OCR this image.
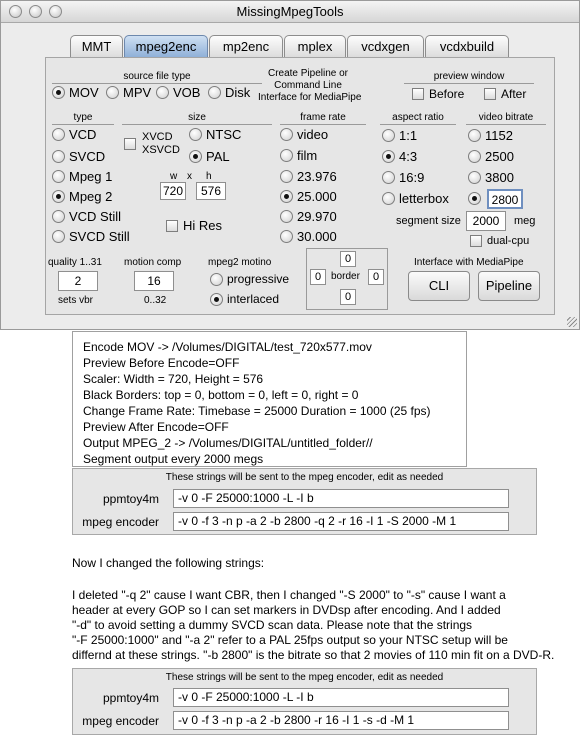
MissingMpegTools
MMT	mpeg2enc	mp2enc	mplex	vcdxgen	vcdxbuild
source file type
MOV MPV VOB Disk
Create Pipeline or
Command Line
Interface for MediaPipe
preview window
Before	After
type
VCD
SVCD
Mpeg 1
Mpeg 2
VCD Still
SVCD Still
size
XVCD
XSVCD
NTSC
PAL
w x h
720	576
Hi Res
frame rate
video
film
23.976
25.000
29.970
30.000
aspect ratio
1:1
4:3
16:9
letterbox
video bitrate
1152
2500
3800
2800
segment size 2000	meg
dual-cpu
quality 1..31
2
sets vbr
motion comp
16
0..32
mpeg2 motino
progressive
interlaced
0
0 border	0
0
Interface with MediaPipe
CLI	Pipeline
Encode MOV -> /Volumes/DIGITAL/test_720x577.mov
Preview Before Encode=OFF
Scaler: Width = 720, Height = 576
Black Borders: top = 0, bottom = 0, left = 0, right = 0
Change Frame Rate: Timebase = 25000 Duration = 1000 (25 fps)
Preview After Encode=OFF
Output MPEG_2 -> /Volumes/DIGITAL/untitled_folder//
Segment output every 2000 megs
These strings will be sent to the mpeg encoder, edit as needed
ppmtoy4m	-v 0 -F 25000:1000 -L -I b
mpeg encoder	-v 0 -f 3 -n p -a 2 -b 2800 -q 2 -r 16 -I 1 -S 2000 -M 1
Now I changed the following strings:
I deleted "-q 2" cause I want CBR, then I changed "-S 2000" to "-s" cause I want a
header at every GOP so I can set markers in DVDsp after encoding. And I added
"-d" to avoid setting a dummy SVCD scan data. Please note that the strings
"-F 25000:1000" and "-a 2" refer to a PAL 25fps output so your NTSC setup will be
differnd at these strings. "-b 2800" is the bitrate so that 2 movies of 110 min fit on a DVD-R.
These strings will be sent to the mpeg encoder, edit as needed
ppmtoy4m	-v 0 -F 25000:1000 -L -I b
mpeg encoder	-v 0 -f 3 -n p -a 2 -b 2800 -r 16 -I 1 -s -d -M 1
